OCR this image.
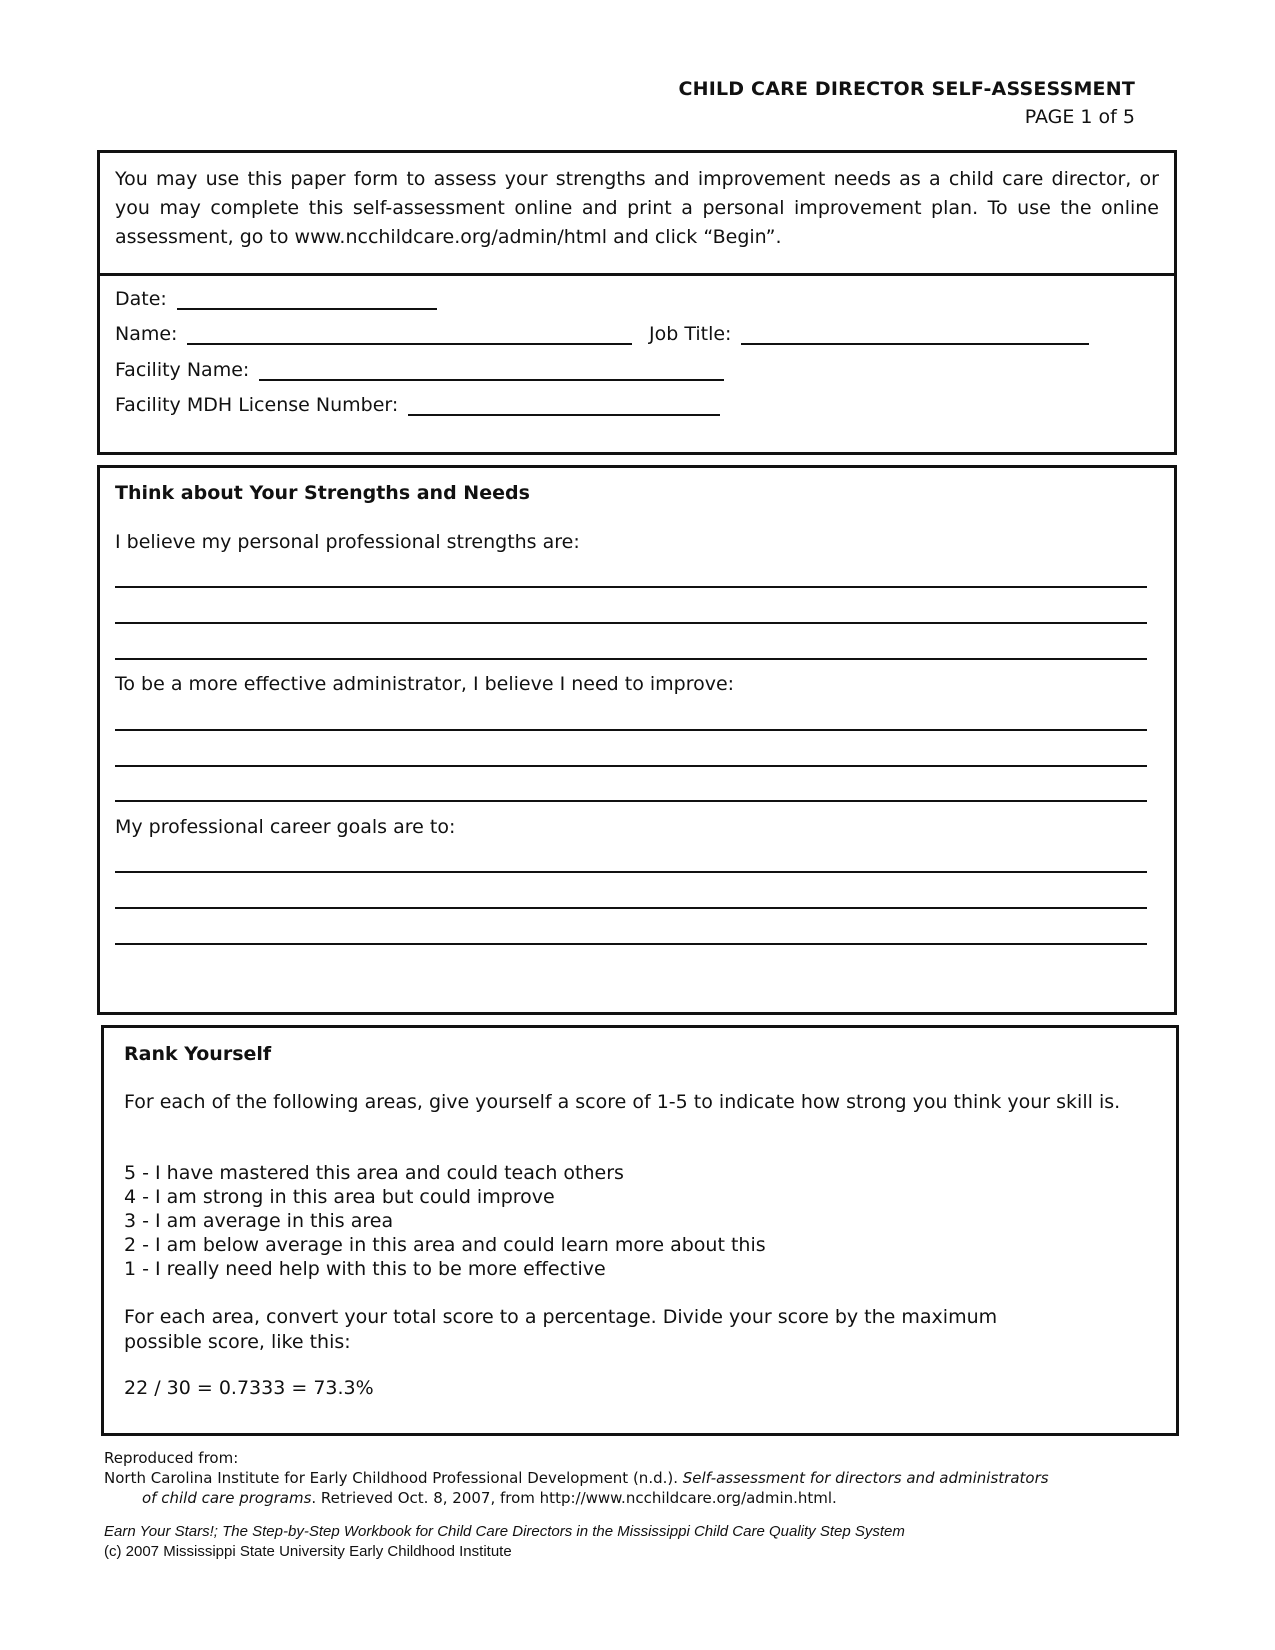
CHILD CARE DIRECTOR SELF-ASSESSMENT
PAGE 1 of 5
You may use this paper form to assess your strengths and improvement needs as a child care director, or you may complete this self-assessment online and print a personal improvement plan. To use the online assessment, go to www.ncchildcare.org/admin/html and click “Begin”.
Date:
Name:	Job Title:
Facility Name:
Facility MDH License Number:
Think about Your Strengths and Needs
I believe my personal professional strengths are:
To be a more effective administrator, I believe I need to improve:
My professional career goals are to:
Rank Yourself
For each of the following areas, give yourself a score of 1-5 to indicate how strong you think your skill is.
5 - I have mastered this area and could teach others
4 - I am strong in this area but could improve
3 - I am average in this area
2 - I am below average in this area and could learn more about this
1 - I really need help with this to be more effective
For each area, convert your total score to a percentage. Divide your score by the maximum possible score, like this:
22 / 30 = 0.7333 = 73.3%
Reproduced from:
North Carolina Institute for Early Childhood Professional Development (n.d.). Self-assessment for directors and administrators
of child care programs. Retrieved Oct. 8, 2007, from http://www.ncchildcare.org/admin.html.
Earn Your Stars!; The Step-by-Step Workbook for Child Care Directors in the Mississippi Child Care Quality Step System
(c) 2007 Mississippi State University Early Childhood Institute
